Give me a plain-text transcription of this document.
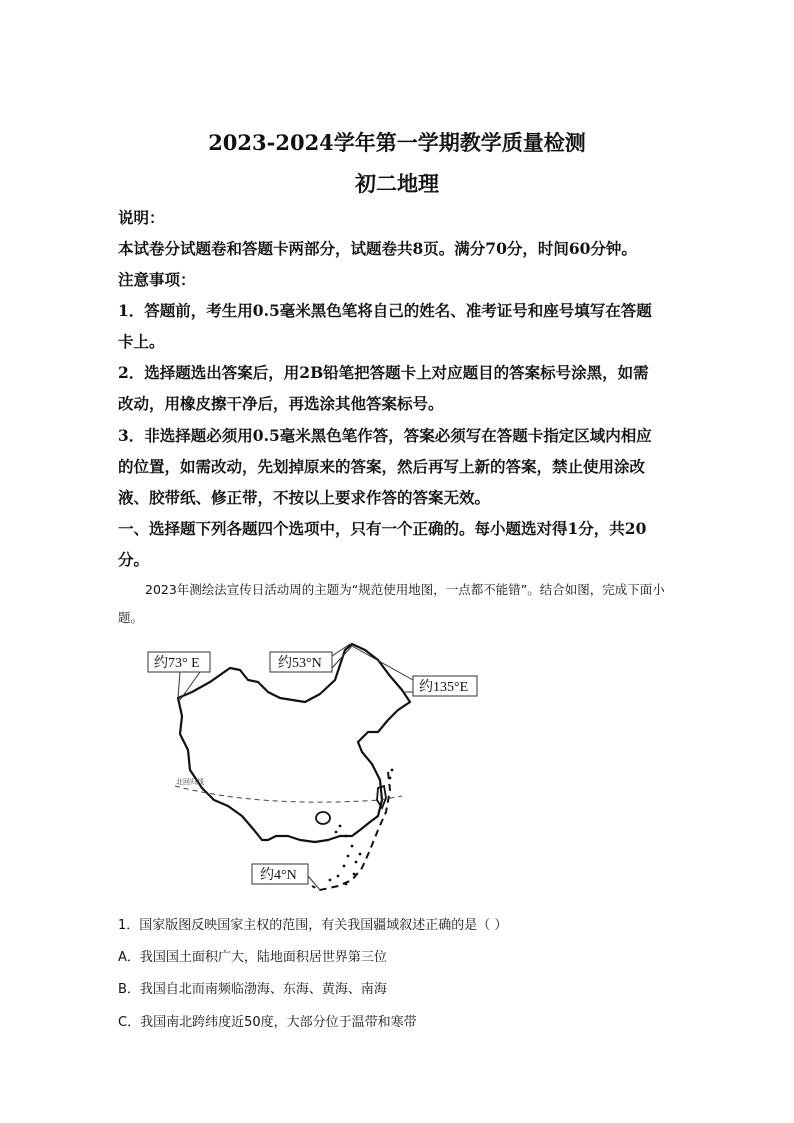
2023-2024学年第一学期教学质量检测
初二地理
说明：
本试卷分试题卷和答题卡两部分，试题卷共8页。满分70分，时间60分钟。
注意事项：
1．答题前，考生用0.5毫米黑色笔将自己的姓名、准考证号和座号填写在答题
卡上。
2．选择题选出答案后，用2B铅笔把答题卡上对应题目的答案标号涂黑，如需
改动，用橡皮擦干净后，再选涂其他答案标号。
3．非选择题必须用0.5毫米黑色笔作答，答案必须写在答题卡指定区域内相应
的位置，如需改动，先划掉原来的答案，然后再写上新的答案，禁止使用涂改
液、胶带纸、修正带，不按以上要求作答的答案无效。
一、选择题下列各题四个选项中，只有一个正确的。每小题选对得1分，共20
分。
2023年测绘法宣传日活动周的主题为“规范使用地图，一点都不能错”。结合如图，完成下面小题。
北回归线
约73° E	约53°N
约135°E
约4°N
1．国家版图反映国家主权的范围，有关我国疆域叙述正确的是（ ）
A．我国国土面积广大，陆地面积居世界第三位
B．我国自北而南频临渤海、东海、黄海、南海
C．我国南北跨纬度近50度，大部分位于温带和寒带
